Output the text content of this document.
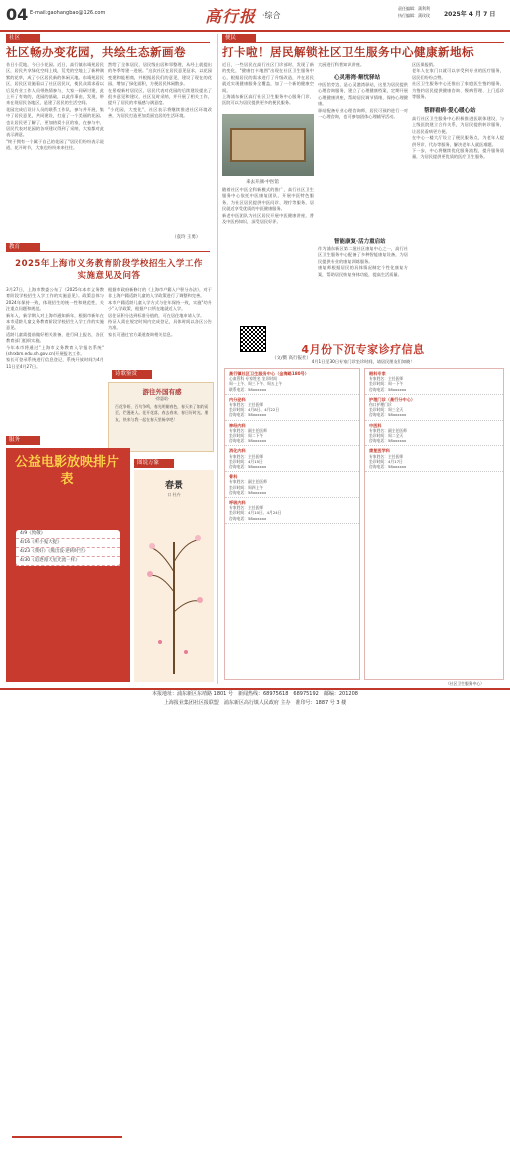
04 E-mail:gaohangbao@126.com	高行报 ·综合
责任编辑：蒲利利
执行编辑：蒲玫玫 2025年 4 月 7 日
社区
社区畅办变花园，共绘生态新画卷
昔日小荒地，今日小花园。近日，高行镇东靖苑居民区，居民共享绿化空间上线，荒芜的空地上了新种满紫的花草，成了小区居民新的休闲天地。东靖苑居民区，居民区设施看以了社区居民议，使民众需求看以后及有业工作人员带热情参与，大家一同研讨建，此上开了有效的，花园的基础，以此作事由，发现，带来在现居民各地区，是建了居民的生活空间。
花园完成后设计人员的联系工作队，参与并开展，集中了居民意见，共同建设，打造了一个美丽的花园。也让居民更了解了，更加热爱小区的家，在参与中，居民代表对花园的各项建议得到了采纳，大家都对此表示满意。
"终于拥有一个属于自己的花园了"居民们纷纷表示说道，花开时节，大家也纷纷来来往往。
然给了全体居民，居民级出居和邻整理，从经上就提出的冬季等建一进展。"这次社区在居民意见征求，以花园变建和能相商，并根据居民们的意见，建设了现在的花园，增加了绿化面积，方便居民休闲散步。
在景观新村居民区，居民代表对花园的后续建设提出了很多意见和建议，社区及时采纳，并开展了相关工作，提升了居民的幸福感与满意度。
"小花园，大变化"，社区表示将继续推进社区环境改善，为居民打造更加美丽宜居的生活环境。
（袁玲 王勇）
教育
2025年上海市义务教育阶段学校招生入学工作实施意见及问答
3月27日，上海市教委公布了《2025年本市义务教育阶段学校招生入学工作的实施意见》。政策总体与2024年保持一致，体现招生的统一性和规范性，关注重点问题和规范。
新年入，新学期入对上海市通知新年，根据市新年在本市适龄儿童义务教育阶段学校招生入学工作的实施意见。
适龄儿童需提前做好相关准备，进行网上报名，各区教育部门组织实施。
今年本市将通过"上海市义务教育入学报名系统"(shrxbm.edu.sh.gov.cn)开展报名工作。
家长可登录系统进行信息登记，系统开放时间为4月11日至4月27日。
根据市政府新修订的《上海市户籍入户积分办法》，对于非上海户籍适龄儿童的入学政策进行了调整和完善。
本市户籍适龄儿童入学方式与往年保持一致，实施"幼升小"入学政策，根据户口所在地就近入学。
居住证积分达到标准分值的，可在居住地申请入学。
持证人需在规定时间内完成登记，具体时间以各区公告为准。
家长可通过官方渠道查询相关信息。
诗歌鉴赏
游往外国有感
·徐惠晗·
百花争妍，百鸟争鸣，春光明媚春色，春天来了如约而至，烂漫迷人。花开花落，春去春来，春日好时光。朋友，快来与我一起在春天里畅享吧！
服务
公益电影放映排片表
4/9《致敬》
4/16《听小鬼大捉》
4/23《我好》《熊出没·逆转时空》
4/30《追逐漫天星光流一样》
放映地点：高行镇东沟社区文化活动中心二楼放映厅
放映时间：每周三下午1:30
联系电话：58674789
★免费观影，欢迎前来观看★
图说万象
春景
口 杜卉
便民
打卡啦！居民解锁社区卫生服务中心健康新地标
近日，一些居民在高行社区门诊部时，发现了新的变化，"健康打卡地图"出现在社区卫生服务中心，根据居民的需求进行了升级改造，并在居民就近实现健康服务全覆盖，加了一个新的健康空间。
上海浦东新区高行社区卫生服务中心服务门诊，医院可以为居民提供更多的便民服务。
来去开颜·中医馆
随着社区中医全科新模式的推广，高行社区卫生服务中心依托中医康复团队，开展中医特色服务，为社区居民提供中医问诊、理疗等服务，居民就近享受优质的中医健康服务。
新老中医团队为社区居民开展中医健康讲座，普及中医药知识，深受居民好评。
大厨进行科普知识讲座。
心灵港湾·解忧驿站
中医馆旁边，是心灵港湾驿站，这里为居民提供心理咨询服务，建立了心理健康档案，定期开展心理健康讲座，帮助居民调节情绪，保持心理健康。
驿站配备专业心理咨询师，居民可预约进行一对一心理咨询，也可参加团体心理辅导活动。
智能康复·活力重启站
作为浦东新区第二批社区康复中心之一，高行社区卫生服务中心配备了多种智能康复设备，为居民提供专业的康复训练服务。
康复师根据居民的具体情况制定个性化康复方案，帮助居民恢复身体功能，提高生活质量。
区医保报销。
老年人在家门口就可以享受到专业的医疗服务，居民们纷纷点赞。
社区卫生服务中心还推出了家庭医生签约服务，为签约居民提供健康咨询、慢病管理、上门巡诊等服务。
帮群看病·爱心暖心站
高行社区卫生服务中心积极推进医联体建设，与上级医院建立合作关系，为居民提供转诊服务，让居民看病更方便。
在中心一楼大厅设立了便民服务点，为老年人提供导诊、代办等服务，解决老年人就医难题。
下一步，中心将继续优化服务流程，提升服务质量，为居民提供更优质的医疗卫生服务。
（文/摄 高行报社）
4月份下沉专家诊疗信息
4月1日至30日专家门诊坐诊时间，请居民朋友们知晓！
高行镇社区卫生服务中心（金海路180号）
心血管科 专家姓名 坐诊时间
周一上午、周三下午、周五上午
联系电话：58xxxxxx
内分泌科
专家姓名：主任医师
坐诊时间：4月8日、4月22日
咨询电话：58xxxxxx
神经内科
专家姓名：副主任医师
坐诊时间：周二下午
咨询电话：58xxxxxx
消化内科
专家姓名：主任医师
坐诊时间：4月15日
咨询电话：58xxxxxx
骨科
专家姓名：副主任医师
坐诊时间：周四上午
咨询电话：58xxxxxx
呼吸内科
专家姓名：主任医师
坐诊时间：4月10日、4月24日
咨询电话：58xxxxxx
眼科专家
专家姓名：主任医师
坐诊时间：周一下午
咨询电话：58xxxxxx
护理门诊（高行分中心）
伤口护理门诊
坐诊时间：周三全天
咨询电话：58xxxxxx
中医科
专家姓名：副主任医师
坐诊时间：周二全天
咨询电话：58xxxxxx
康复医学科
专家姓名：主任医师
坐诊时间：4月17日
咨询电话：58xxxxxx
（社区卫生服务中心）
本报地址：浦东新区东靖路 1801 号　新闻热线：68975618　68975192　邮编：201208
上海报业集团社区报联盟　浦东新区高行镇人民政府 主办　准印号：1887 号 3 楼
